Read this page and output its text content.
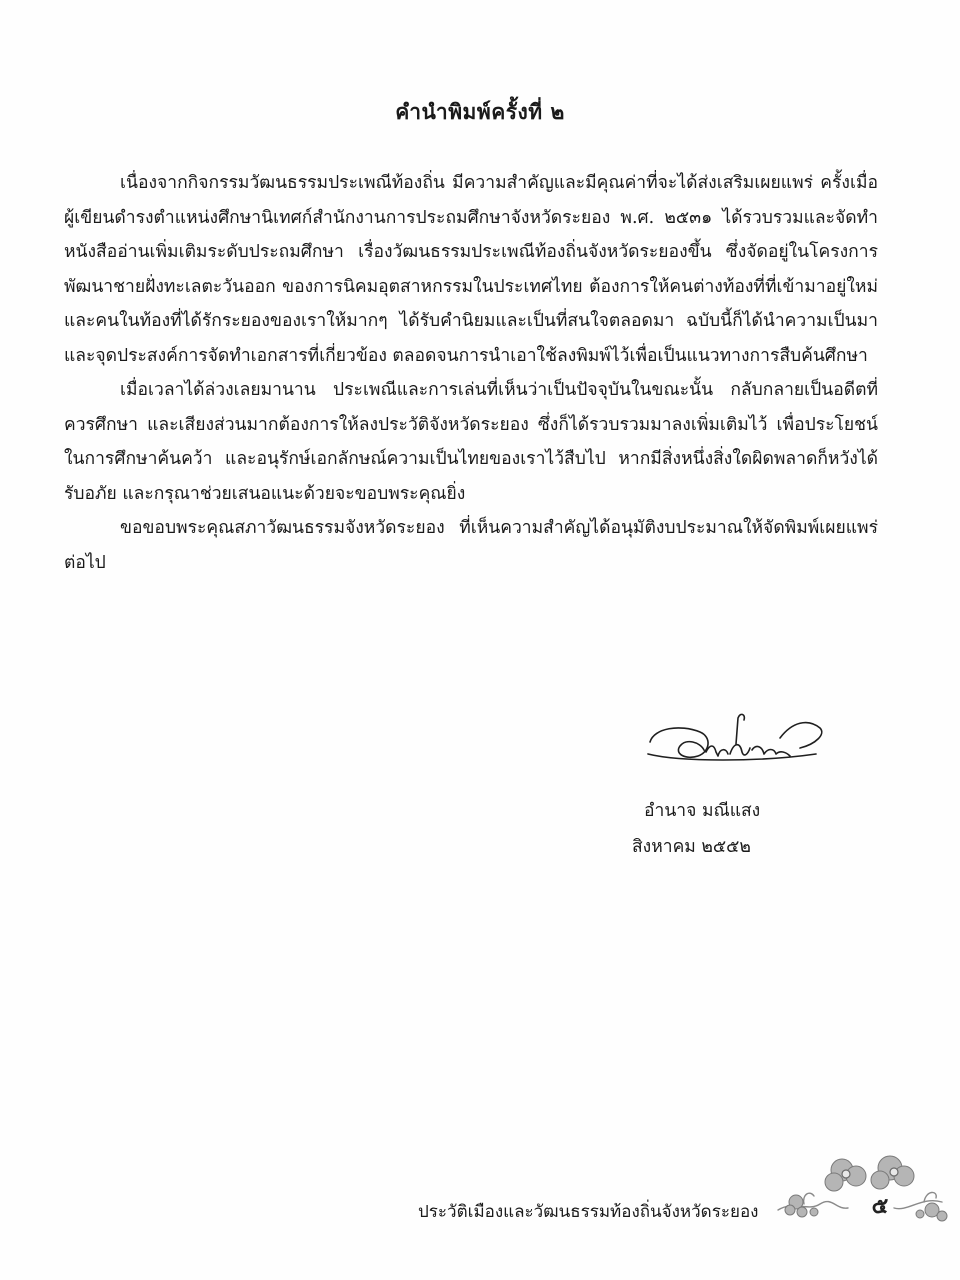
คำนำพิมพ์ครั้งที่ ๒

เนื่องจากกิจกรรมวัฒนธรรมประเพณีท้องถิ่น มีความสำคัญและมีคุณค่าที่จะได้ส่งเสริมเผยแพร่ ครั้งเมื่อผู้เขียนดำรงตำแหน่งศึกษานิเทศก์สำนักงานการประถมศึกษาจังหวัดระยอง พ.ศ. ๒๕๓๑ ได้รวบรวมและจัดทำหนังสืออ่านเพิ่มเติมระดับประถมศึกษา เรื่องวัฒนธรรมประเพณีท้องถิ่นจังหวัดระยองขึ้น ซึ่งจัดอยู่ในโครงการพัฒนาชายฝั่งทะเลตะวันออก ของการนิคมอุตสาหกรรมในประเทศไทย ต้องการให้คนต่างท้องที่ที่เข้ามาอยู่ใหม่และคนในท้องที่ได้รักระยองของเราให้มากๆ ได้รับคำนิยมและเป็นที่สนใจตลอดมา ฉบับนี้ก็ได้นำความเป็นมาและจุดประสงค์การจัดทำเอกสารที่เกี่ยวข้อง ตลอดจนการนำเอาใช้ลงพิมพ์ไว้เพื่อเป็นแนวทางการสืบค้นศึกษา

เมื่อเวลาได้ล่วงเลยมานาน ประเพณีและการเล่นที่เห็นว่าเป็นปัจจุบันในขณะนั้น กลับกลายเป็นอดีตที่ควรศึกษา และเสียงส่วนมากต้องการให้ลงประวัติจังหวัดระยอง ซึ่งก็ได้รวบรวมมาลงเพิ่มเติมไว้ เพื่อประโยชน์ในการศึกษาค้นคว้า และอนุรักษ์เอกลักษณ์ความเป็นไทยของเราไว้สืบไป หากมีสิ่งหนึ่งสิ่งใดผิดพลาดก็หวังได้รับอภัย และกรุณาช่วยเสนอแนะด้วยจะขอบพระคุณยิ่ง

ขอขอบพระคุณสภาวัฒนธรรมจังหวัดระยอง ที่เห็นความสำคัญได้อนุมัติงบประมาณให้จัดพิมพ์เผยแพร่ต่อไป

อำนาจ มณีแสง
สิงหาคม ๒๕๕๒
ประวัติเมืองและวัฒนธรรมท้องถิ่นจังหวัดระยอง	๕
